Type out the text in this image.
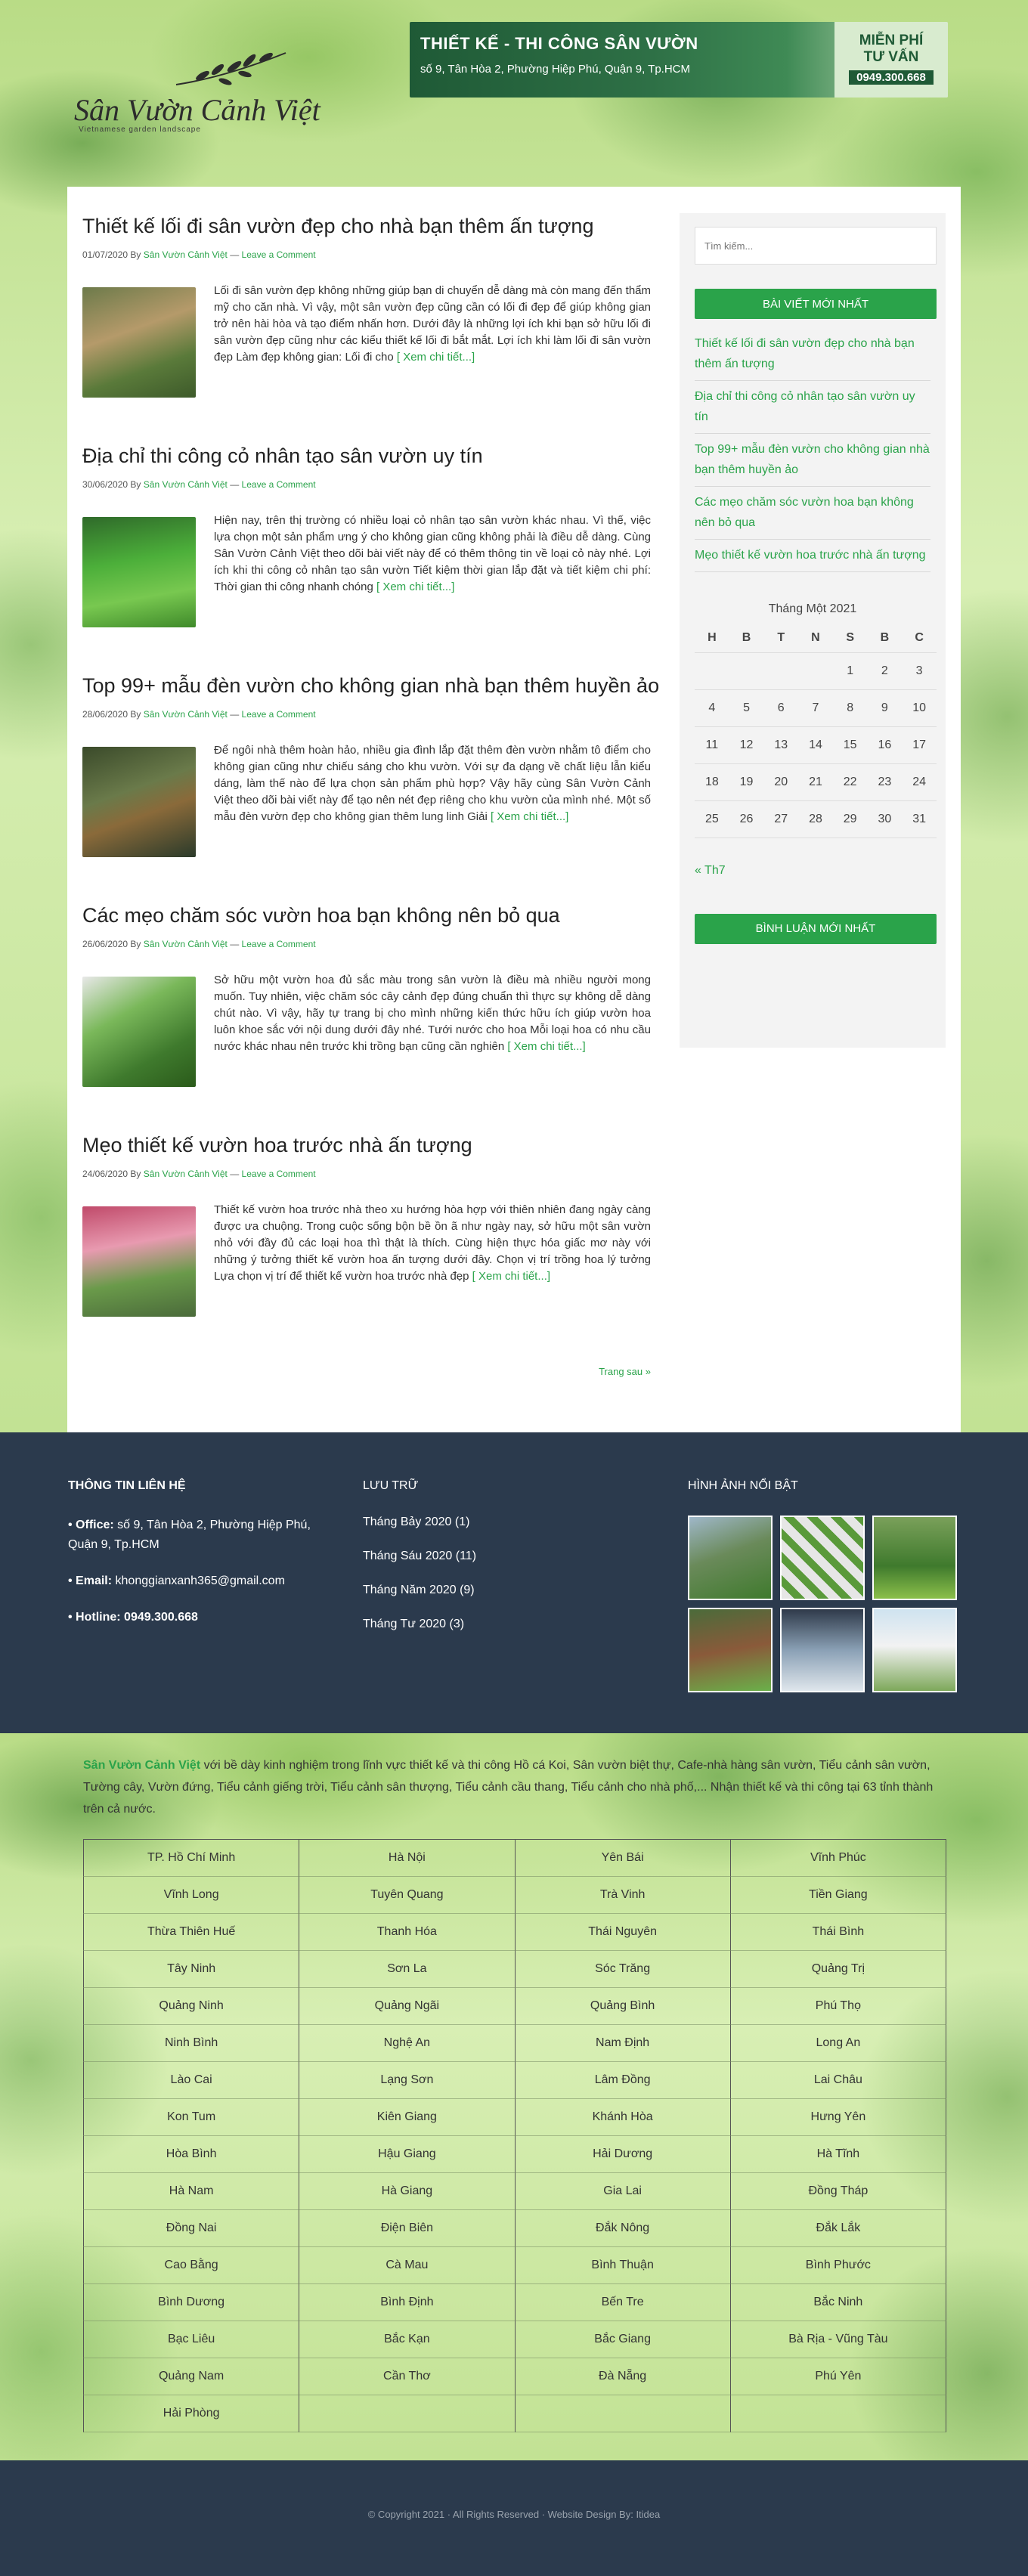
Sân Vườn Cảnh Việt
Vietnamese garden landscape
THIẾT KẾ - THI CÔNG SÂN VƯỜN
số 9, Tân Hòa 2, Phường Hiệp Phú, Quận 9, Tp.HCM
MIỄN PHÍ
TƯ VẤN
0949.300.668
Thiết kế lối đi sân vườn đẹp cho nhà bạn thêm ấn tượng
01/07/2020 By Sân Vườn Cảnh Việt — Leave a Comment

Lối đi sân vườn đẹp không những giúp bạn di chuyển dễ dàng mà còn mang đến thẩm mỹ cho căn nhà. Vì vậy, một sân vườn đẹp cũng cần có lối đi đẹp để giúp không gian trở nên hài hòa và tạo điểm nhấn hơn. Dưới đây là những lợi ích khi bạn sở hữu lối đi sân vườn đẹp cũng như các kiểu thiết kế lối đi bắt mắt. Lợi ích khi làm lối đi sân vườn đẹp Làm đẹp không gian: Lối đi cho [ Xem chi tiết...]

Địa chỉ thi công cỏ nhân tạo sân vườn uy tín
30/06/2020 By Sân Vườn Cảnh Việt — Leave a Comment

Hiện nay, trên thị trường có nhiều loại cỏ nhân tạo sân vườn khác nhau. Vì thế, việc lựa chọn một sản phẩm ưng ý cho không gian cũng không phải là điều dễ dàng. Cùng Sân Vườn Cảnh Việt theo dõi bài viết này để có thêm thông tin về loại cỏ này nhé. Lợi ích khi thi công cỏ nhân tạo sân vườn Tiết kiệm thời gian lắp đặt và tiết kiệm chi phí: Thời gian thi công nhanh chóng [ Xem chi tiết...]

Top 99+ mẫu đèn vườn cho không gian nhà bạn thêm huyền ảo
28/06/2020 By Sân Vườn Cảnh Việt — Leave a Comment

Để ngôi nhà thêm hoàn hảo, nhiều gia đình lắp đặt thêm đèn vườn nhằm tô điểm cho không gian cũng như chiếu sáng cho khu vườn. Với sự đa dạng về chất liệu lẫn kiểu dáng, làm thế nào để lựa chọn sản phẩm phù hợp? Vậy hãy cùng Sân Vườn Cảnh Việt theo dõi bài viết này để tạo nên nét đẹp riêng cho khu vườn của mình nhé. Một số mẫu đèn vườn đẹp cho không gian thêm lung linh Giải [ Xem chi tiết...]

Các mẹo chăm sóc vườn hoa bạn không nên bỏ qua
26/06/2020 By Sân Vườn Cảnh Việt — Leave a Comment

Sở hữu một vườn hoa đủ sắc màu trong sân vườn là điều mà nhiều người mong muốn. Tuy nhiên, việc chăm sóc cây cảnh đẹp đúng chuẩn thì thực sự không dễ dàng chút nào. Vì vậy, hãy tự trang bị cho mình những kiến thức hữu ích giúp vườn hoa luôn khoe sắc với nội dung dưới đây nhé. Tưới nước cho hoa Mỗi loại hoa có nhu cầu nước khác nhau nên trước khi trồng bạn cũng cần nghiên [ Xem chi tiết...]

Mẹo thiết kế vườn hoa trước nhà ấn tượng
24/06/2020 By Sân Vườn Cảnh Việt — Leave a Comment

Thiết kế vườn hoa trước nhà theo xu hướng hòa hợp với thiên nhiên đang ngày càng được ưa chuộng. Trong cuộc sống bộn bề ồn ã như ngày nay, sở hữu một sân vườn nhỏ với đầy đủ các loại hoa thì thật là thích. Cùng hiện thực hóa giấc mơ này với những ý tưởng thiết kế vườn hoa ấn tượng dưới đây. Chọn vị trí trồng hoa lý tưởng Lựa chọn vị trí để thiết kế vườn hoa trước nhà đẹp [ Xem chi tiết...]

Trang sau »
Tìm kiếm...
BÀI VIẾT MỚI NHẤT
Thiết kế lối đi sân vườn đẹp cho nhà bạn thêm ấn tượng
Địa chỉ thi công cỏ nhân tạo sân vườn uy tín
Top 99+ mẫu đèn vườn cho không gian nhà bạn thêm huyền ảo
Các mẹo chăm sóc vườn hoa bạn không nên bỏ qua
Mẹo thiết kế vườn hoa trước nhà ấn tượng
Tháng Một 2021
H	B	T	N	S	B	C
				1	2	3
4	5	6	7	8	9	10
11	12	13	14	15	16	17
18	19	20	21	22	23	24
25	26	27	28	29	30	31
« Th7
BÌNH LUẬN MỚI NHẤT
THÔNG TIN LIÊN HỆ

• Office: số 9, Tân Hòa 2, Phường Hiệp Phú, Quận 9, Tp.HCM

• Email: khonggianxanh365@gmail.com

• Hotline: 0949.300.668

LƯU TRỮ
Tháng Bảy 2020 (1)
Tháng Sáu 2020 (11)
Tháng Năm 2020 (9)
Tháng Tư 2020 (3)
HÌNH ẢNH NỔI BẬT

Sân Vườn Cảnh Việt với bề dày kinh nghiệm trong lĩnh vực thiết kế và thi công Hồ cá Koi, Sân vườn biệt thự, Cafe-nhà hàng sân vườn, Tiểu cảnh sân vườn, Tường cây, Vườn đứng, Tiểu cảnh giếng trời, Tiểu cảnh sân thượng, Tiểu cảnh cầu thang, Tiểu cảnh cho nhà phố,... Nhận thiết kế và thi công tại 63 tỉnh thành trên cả nước.

TP. Hồ Chí Minh	Hà Nội	Yên Bái	Vĩnh Phúc
Vĩnh Long	Tuyên Quang	Trà Vinh	Tiền Giang
Thừa Thiên Huế	Thanh Hóa	Thái Nguyên	Thái Bình
Tây Ninh	Sơn La	Sóc Trăng	Quảng Trị
Quảng Ninh	Quảng Ngãi	Quảng Bình	Phú Thọ
Ninh Bình	Nghệ An	Nam Định	Long An
Lào Cai	Lạng Sơn	Lâm Đồng	Lai Châu
Kon Tum	Kiên Giang	Khánh Hòa	Hưng Yên
Hòa Bình	Hậu Giang	Hải Dương	Hà Tĩnh
Hà Nam	Hà Giang	Gia Lai	Đồng Tháp
Đồng Nai	Điện Biên	Đắk Nông	Đắk Lắk
Cao Bằng	Cà Mau	Bình Thuận	Bình Phước
Bình Dương	Bình Định	Bến Tre	Bắc Ninh
Bạc Liêu	Bắc Kạn	Bắc Giang	Bà Rịa - Vũng Tàu
Quảng Nam	Cần Thơ	Đà Nẵng	Phú Yên
Hải Phòng			
© Copyright 2021 · All Rights Reserved · Website Design By: Itidea
